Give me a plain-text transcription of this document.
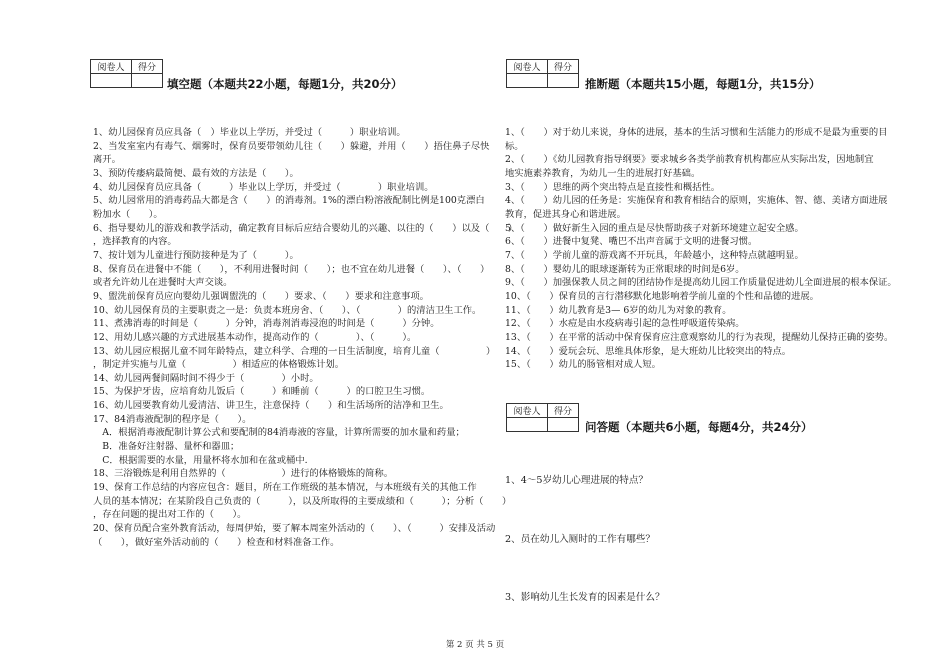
阅卷人	得分
		阅卷人	得分

阅卷人	得分

填空题（本题共22小题，每题1分，共20分）	推断题（本题共15小题，每题1分，共15分）
问答题（本题共6小题，每题4分，共24分）
1、幼儿园保育员应具备（　）毕业以上学历，并受过（　　　）职业培训。
2、当发室室内有毒气、烟雾时，保育员要带领幼儿往（　　）躲避，并用（　　）捂住鼻子尽快
离开。
3、预防传痿病最简便、最有效的方法是（　　）。
4、幼儿园保育员应具备（　　　）毕业以上学历，并受过（　　　　）职业培训。
5、幼儿园常用的消毒药品大都是含（　　）的消毒剂。1%的漂白粉溶液配制比例是100克漂白
粉加水（　　）。
6、指导婴幼儿的游戏和教学活动，确定教育目标后应结合婴幼儿的兴趣、以往的（　　）以及（　　）
，选择教育的内容。
7、按计划为儿童进行预防接种是为了（　　　）。
8、保育员在进餐中不能（　　），不利用进餐时间（　　）；也不宜在幼儿进餐（　　）、（　　）
或者允许幼儿在进餐时大声交谈。
9、盥洗前保育员应向婴幼儿强调盥洗的（　　）要求、（　　）要求和注意事项。
10、幼儿园保育员的主要职责之一是：负责本班房舍、（　　）、（　　　　）的清洁卫生工作。
11、煮沸消毒的时间是（　　　）分钟，消毒剂消毒浸泡的时间是（　　　）分钟。
12、用幼儿感兴趣的方式进展基本动作，提高动作的（　　　　）、（　　　）。
13、幼儿园应根据儿童不同年龄特点，建立科学、合理的一日生活制度，培育儿童（　　　　　）
，制定并实施与儿童（　　　　　）相适应的体格锻炼计划。
14、幼儿园两餐间隔时间不得少于（　　　　）小时。
15、为保护牙齿，应培育幼儿饭后（　　　）和睡前（　　　）的口腔卫生习惯。
16、幼儿园要教育幼儿爱清洁、讲卫生，注意保持（　　）和生活场所的洁净和卫生。
17、84消毒液配制的程序是（　　）。
　A．根据消毒液配制计算公式和要配制的84消毒液的容量，计算所需要的加水量和药量；
　B．准备好注射器、量杯和器皿；
　C．根据需要的水量，用量杯将水加和在盆或桶中.
18、三浴锻炼是利用自然界的（　　　　　　）进行的体格锻炼的简称。
19、保育工作总结的内容应包含：题目，所在工作班级的基本情况，与本班级有关的其他工作
人员的基本情况；在某阶段自己负责的（　　　），以及所取得的主要成绩和（　　　）；分析（　　）
，存在问题的提出对工作的（　　）。
20、保育员配合室外教育活动，每周伊始，要了解本周室外活动的（　　）、（　　　）安排及活动
（　　），做好室外活动前的（　　）检查和材料准备工作。
1、（　　）对于幼儿来说，身体的进展，基本的生活习惯和生活能力的形成不是最为重要的目
标。
2、（　　）《幼儿园教育指导纲要》要求城乡各类学前教育机构都应从实际出发，因地制宜
地实施素养教育，为幼儿一生的进展打好基础。
3、（　　）思维的两个突出特点是直接性和概括性。
4、（　　）幼儿园的任务是：实施保育和教育相结合的原则，实施体、智、德、美诸方面进展
教育，促进其身心和谐进展。
5、（　　）做好新生入园的重点是尽快帮助孩子对新环境建立起安全感。
6、（　　）进餐中复凳、嘴巴不出声音属于文明的进餐习惯。
7、（　　）学前儿童的游戏离不开玩具，年龄越小，这种特点就越明显。
8、（　　）婴幼儿的眼球逐渐转为正常眼球的时间是6岁。
9、（　　）加强保教人员之间的团结协作是提高幼儿园工作质量促进幼儿全面进展的根本保证。
10、（　　）保育员的言行潜移默化地影响着学前儿童的个性和品德的进展。
11、（　　）幼儿教育是3— 6岁的幼儿为对象的教育。
12、（　　）水痘是由水疫病毒引起的急性呼吸道传染病。
13、（　　）在平常的活动中保育保育应注意观察幼儿的行为表现，提醒幼儿保持正确的姿势。
14、（　　）爱玩会玩、思维具体形象，是大班幼儿比较突出的特点。
15、（　　）幼儿的肠管相对成人短。
1、4～5岁幼儿心理进展的特点？
2、员在幼儿入厕时的工作有哪些？
3、影响幼儿生长发育的因素是什么？
第 2 页 共 5 页
